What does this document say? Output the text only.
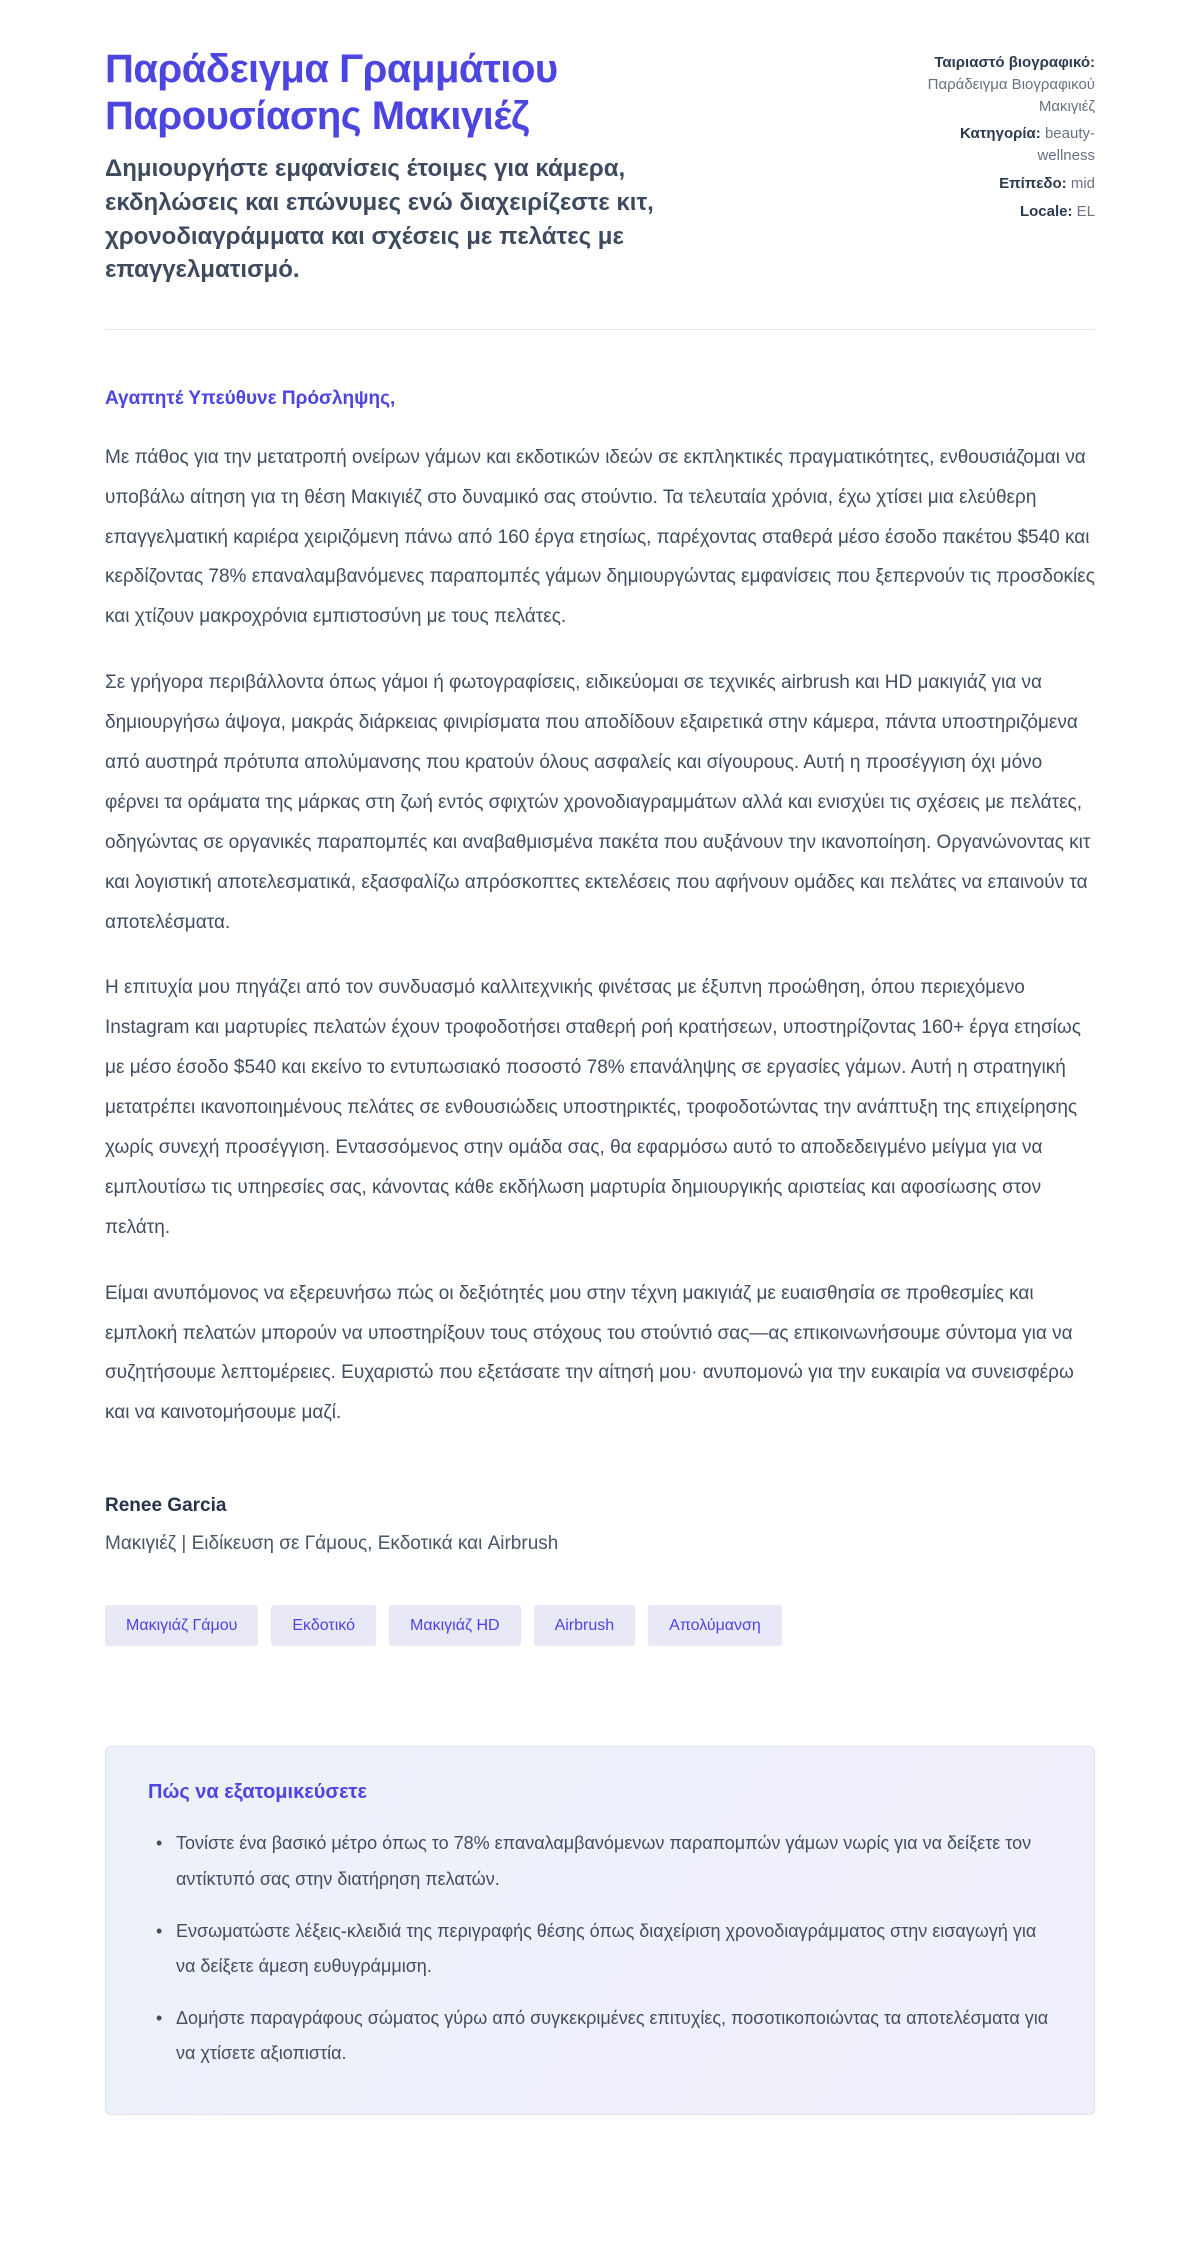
Παράδειγμα Γραμμάτιου Παρουσίασης Μακιγιέζ

Δημιουργήστε εμφανίσεις έτοιμες για κάμερα, εκδηλώσεις και επώνυμες ενώ διαχειρίζεστε κιτ, χρονοδιαγράμματα και σχέσεις με πελάτες με επαγγελματισμό.

Ταιριαστό βιογραφικό: Παράδειγμα Βιογραφικού Μακιγιέζ
Κατηγορία: beauty-wellness
Επίπεδο: mid
Locale: EL

Αγαπητέ Υπεύθυνε Πρόσληψης,

Με πάθος για την μετατροπή ονείρων γάμων και εκδοτικών ιδεών σε εκπληκτικές πραγματικότητες, ενθουσιάζομαι να υποβάλω αίτηση για τη θέση Μακιγιέζ στο δυναμικό σας στούντιο. Τα τελευταία χρόνια, έχω χτίσει μια ελεύθερη επαγγελματική καριέρα χειριζόμενη πάνω από 160 έργα ετησίως, παρέχοντας σταθερά μέσο έσοδο πακέτου $540 και κερδίζοντας 78% επαναλαμβανόμενες παραπομπές γάμων δημιουργώντας εμφανίσεις που ξεπερνούν τις προσδοκίες και χτίζουν μακροχρόνια εμπιστοσύνη με τους πελάτες.

Σε γρήγορα περιβάλλοντα όπως γάμοι ή φωτογραφίσεις, ειδικεύομαι σε τεχνικές airbrush και HD μακιγιάζ για να δημιουργήσω άψογα, μακράς διάρκειας φινιρίσματα που αποδίδουν εξαιρετικά στην κάμερα, πάντα υποστηριζόμενα από αυστηρά πρότυπα απολύμανσης που κρατούν όλους ασφαλείς και σίγουρους. Αυτή η προσέγγιση όχι μόνο φέρνει τα οράματα της μάρκας στη ζωή εντός σφιχτών χρονοδιαγραμμάτων αλλά και ενισχύει τις σχέσεις με πελάτες, οδηγώντας σε οργανικές παραπομπές και αναβαθμισμένα πακέτα που αυξάνουν την ικανοποίηση. Οργανώνοντας κιτ και λογιστική αποτελεσματικά, εξασφαλίζω απρόσκοπτες εκτελέσεις που αφήνουν ομάδες και πελάτες να επαινούν τα αποτελέσματα.

Η επιτυχία μου πηγάζει από τον συνδυασμό καλλιτεχνικής φινέτσας με έξυπνη προώθηση, όπου περιεχόμενο Instagram και μαρτυρίες πελατών έχουν τροφοδοτήσει σταθερή ροή κρατήσεων, υποστηρίζοντας 160+ έργα ετησίως με μέσο έσοδο $540 και εκείνο το εντυπωσιακό ποσοστό 78% επανάληψης σε εργασίες γάμων. Αυτή η στρατηγική μετατρέπει ικανοποιημένους πελάτες σε ενθουσιώδεις υποστηρικτές, τροφοδοτώντας την ανάπτυξη της επιχείρησης χωρίς συνεχή προσέγγιση. Εντασσόμενος στην ομάδα σας, θα εφαρμόσω αυτό το αποδεδειγμένο μείγμα για να εμπλουτίσω τις υπηρεσίες σας, κάνοντας κάθε εκδήλωση μαρτυρία δημιουργικής αριστείας και αφοσίωσης στον πελάτη.

Είμαι ανυπόμονος να εξερευνήσω πώς οι δεξιότητές μου στην τέχνη μακιγιάζ με ευαισθησία σε προθεσμίες και εμπλοκή πελατών μπορούν να υποστηρίξουν τους στόχους του στούντιό σας—ας επικοινωνήσουμε σύντομα για να συζητήσουμε λεπτομέρειες. Ευχαριστώ που εξετάσατε την αίτησή μου· ανυπομονώ για την ευκαιρία να συνεισφέρω και να καινοτομήσουμε μαζί.

Renee Garcia

Μακιγιέζ | Ειδίκευση σε Γάμους, Εκδοτικά και Airbrush

Μακιγιάζ Γάμου	Εκδοτικό	Μακιγιάζ HD	Airbrush	Απολύμανση
Πώς να εξατομικεύσετε
• Τονίστε ένα βασικό μέτρο όπως το 78% επαναλαμβανόμενων παραπομπών γάμων νωρίς για να δείξετε τον αντίκτυπό σας στην διατήρηση πελατών.
• Ενσωματώστε λέξεις-κλειδιά της περιγραφής θέσης όπως διαχείριση χρονοδιαγράμματος στην εισαγωγή για να δείξετε άμεση ευθυγράμμιση.
• Δομήστε παραγράφους σώματος γύρω από συγκεκριμένες επιτυχίες, ποσοτικοποιώντας τα αποτελέσματα για να χτίσετε αξιοπιστία.
